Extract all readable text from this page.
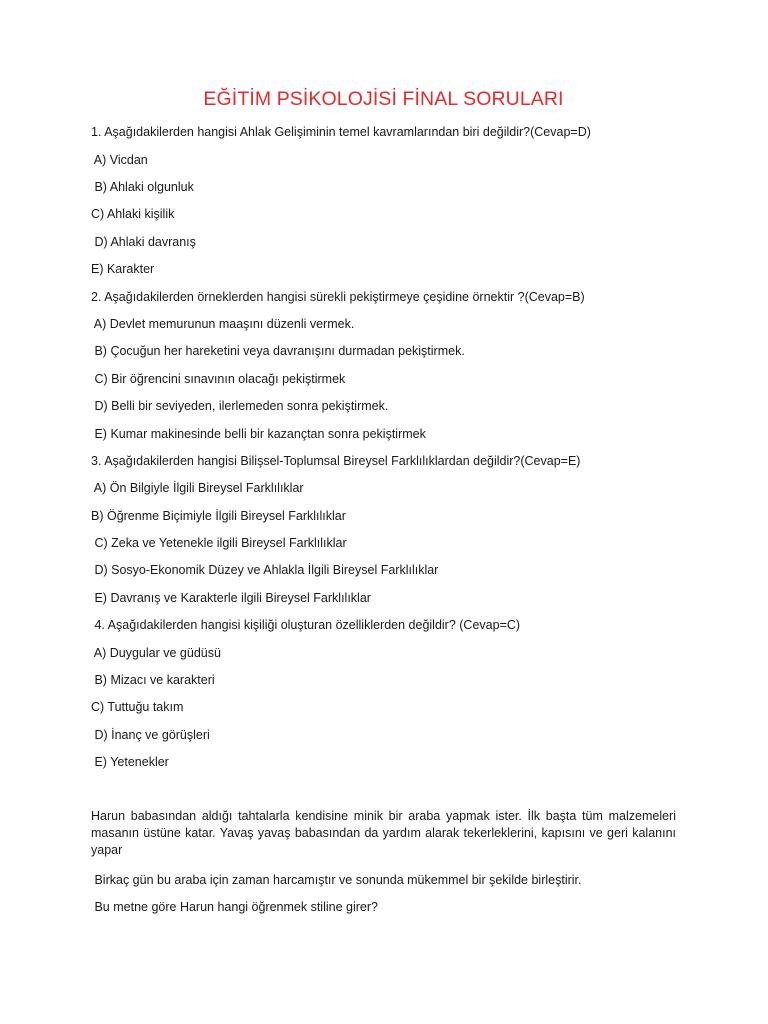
EĞİTİM PSİKOLOJİSİ FİNAL SORULARI
1. Aşağıdakilerden hangisi Ahlak Gelişiminin temel kavramlarından biri değildir?(Cevap=D)
A) Vicdan
B) Ahlaki olgunluk
C) Ahlaki kişilik
D) Ahlaki davranış
E) Karakter
2. Aşağıdakilerden örneklerden hangisi sürekli pekiştirmeye çeşidine örnektir ?(Cevap=B)
A) Devlet memurunun maaşını düzenli vermek.
B) Çocuğun her hareketini veya davranışını durmadan pekiştirmek.
C) Bir öğrencini sınavının olacağı pekiştirmek
D) Belli bir seviyeden, ilerlemeden sonra pekiştirmek.
E) Kumar makinesinde belli bir kazançtan sonra pekiştirmek
3. Aşağıdakilerden hangisi Bilişsel-Toplumsal Bireysel Farklılıklardan değildir?(Cevap=E)
A) Ön Bilgiyle İlgili Bireysel Farklılıklar
B) Öğrenme Biçimiyle İlgili Bireysel Farklılıklar
C) Zeka ve Yetenekle ilgili Bireysel Farklılıklar
D) Sosyo-Ekonomik Düzey ve Ahlakla İlgili Bireysel Farklılıklar
E) Davranış ve Karakterle ilgili Bireysel Farklılıklar
4. Aşağıdakilerden hangisi kişiliği oluşturan özelliklerden değildir? (Cevap=C)
A) Duygular ve güdüsü
B) Mizacı ve karakteri
C) Tuttuğu takım
D) İnanç ve görüşleri
E) Yetenekler
Harun babasından aldığı tahtalarla kendisine minik bir araba yapmak ister. İlk başta tüm malzemeleri masanın üstüne katar. Yavaş yavaş babasından da yardım alarak tekerleklerini, kapısını ve geri kalanını yapar
Birkaç gün bu araba için zaman harcamıştır ve sonunda mükemmel bir şekilde birleştirir.
Bu metne göre Harun hangi öğrenmek stiline girer?
